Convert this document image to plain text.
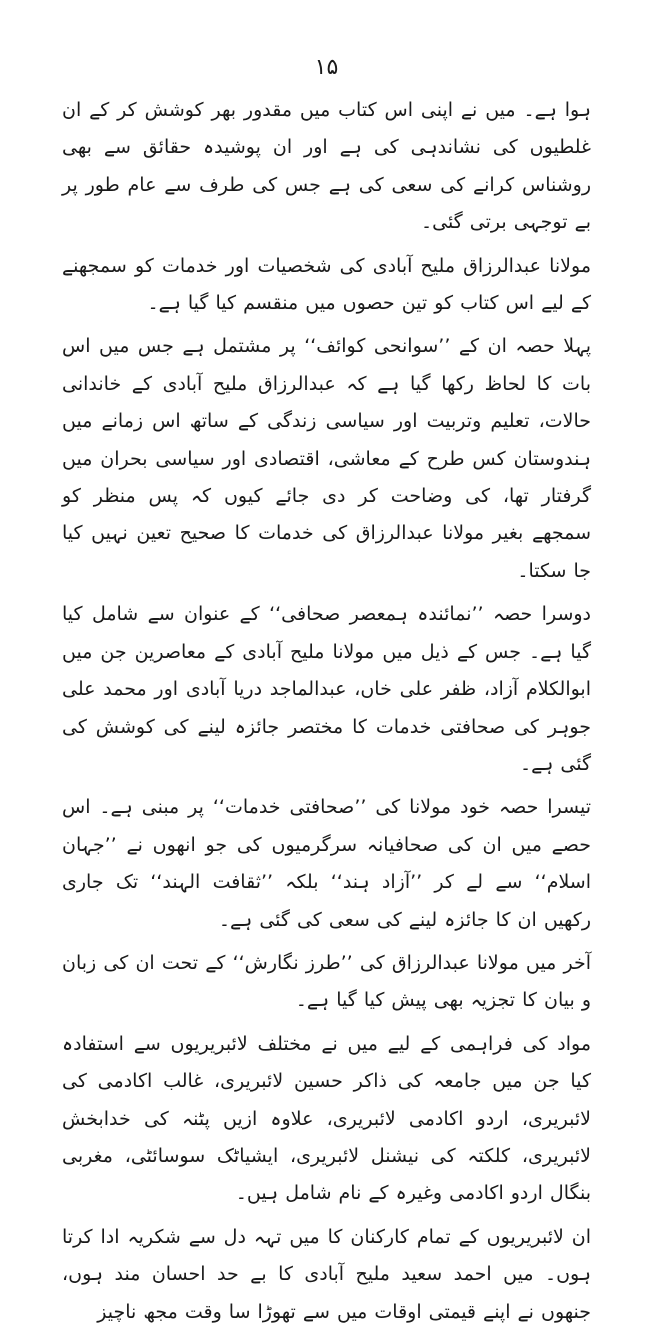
۱۵

ہوا ہے۔ میں نے اپنی اس کتاب میں مقدور بھر کوشش کر کے ان غلطیوں کی نشاندہی کی ہے اور ان پوشیدہ حقائق سے بھی روشناس کرانے کی سعی کی ہے جس کی طرف سے عام طور پر بے توجہی برتی گئی۔

مولانا عبدالرزاق ملیح آبادی کی شخصیات اور خدمات کو سمجھنے کے لیے اس کتاب کو تین حصوں میں منقسم کیا گیا ہے۔

پہلا حصہ ان کے ’’سوانحی کوائف‘‘ پر مشتمل ہے جس میں اس بات کا لحاظ رکھا گیا ہے کہ عبدالرزاق ملیح آبادی کے خاندانی حالات، تعلیم وتربیت اور سیاسی زندگی کے ساتھ اس زمانے میں ہندوستان کس طرح کے معاشی، اقتصادی اور سیاسی بحران میں گرفتار تھا، کی وضاحت کر دی جائے کیوں کہ پس منظر کو سمجھے بغیر مولانا عبدالرزاق کی خدمات کا صحیح تعین نہیں کیا جا سکتا۔

دوسرا حصہ ’’نمائندہ ہمعصر صحافی‘‘ کے عنوان سے شامل کیا گیا ہے۔ جس کے ذیل میں مولانا ملیح آبادی کے معاصرین جن میں ابوالکلام آزاد، ظفر علی خاں، عبدالماجد دریا آبادی اور محمد علی جوہر کی صحافتی خدمات کا مختصر جائزہ لینے کی کوشش کی گئی ہے۔

تیسرا حصہ خود مولانا کی ’’صحافتی خدمات‘‘ پر مبنی ہے۔ اس حصے میں ان کی صحافیانہ سرگرمیوں کی جو انھوں نے ’’جہان اسلام‘‘ سے لے کر ’’آزاد ہند‘‘ بلکہ ’’ثقافت الہند‘‘ تک جاری رکھیں ان کا جائزہ لینے کی سعی کی گئی ہے۔

آخر میں مولانا عبدالرزاق کی ’’طرز نگارش‘‘ کے تحت ان کی زبان و بیان کا تجزیہ بھی پیش کیا گیا ہے۔

مواد کی فراہمی کے لیے میں نے مختلف لائبریریوں سے استفادہ کیا جن میں جامعہ کی ذاکر حسین لائبریری، غالب اکادمی کی لائبریری، اردو اکادمی لائبریری، علاوہ ازیں پٹنہ کی خدابخش لائبریری، کلکتہ کی نیشنل لائبریری، ایشیاٹک سوسائٹی، مغربی بنگال اردو اکادمی وغیرہ کے نام شامل ہیں۔

ان لائبریریوں کے تمام کارکنان کا میں تہہ دل سے شکریہ ادا کرتا ہوں۔ میں احمد سعید ملیح آبادی کا بے حد احسان مند ہوں، جنھوں نے اپنے قیمتی اوقات میں سے تھوڑا سا وقت مجھ ناچیز
